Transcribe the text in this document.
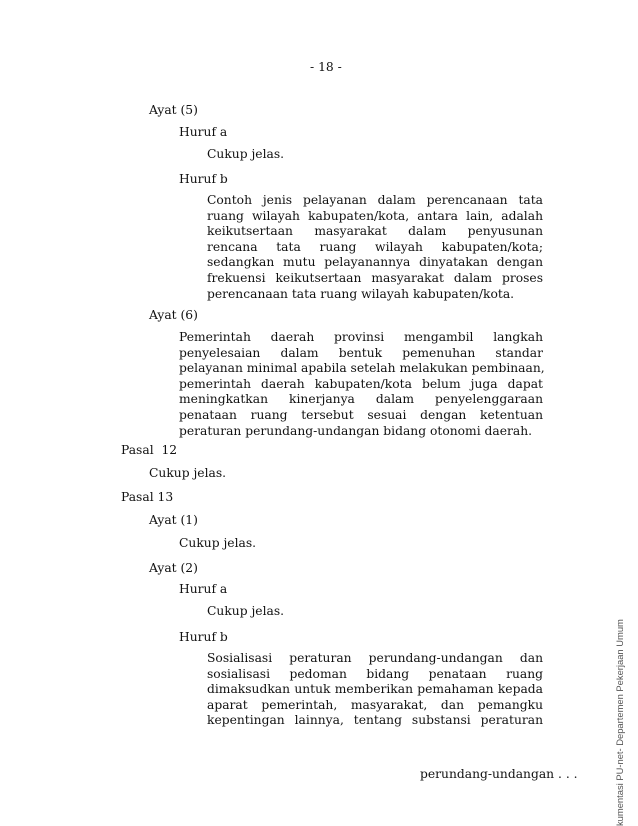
- 18 -
Ayat (5)
Huruf a
Cukup jelas.
Huruf b
Contoh jenis pelayanan dalam perencanaan tata
ruang wilayah kabupaten/kota, antara lain, adalah
keikutsertaan masyarakat dalam penyusunan
rencana tata ruang wilayah kabupaten/kota;
sedangkan mutu pelayanannya dinyatakan dengan
frekuensi keikutsertaan masyarakat dalam proses
perencanaan tata ruang wilayah kabupaten/kota.
Ayat (6)
Pemerintah daerah provinsi mengambil langkah
penyelesaian dalam bentuk pemenuhan standar
pelayanan minimal apabila setelah melakukan pembinaan,
pemerintah daerah kabupaten/kota belum juga dapat
meningkatkan kinerjanya dalam penyelenggaraan
penataan ruang tersebut sesuai dengan ketentuan
peraturan perundang-undangan bidang otonomi daerah.
Pasal  12
Cukup jelas.
Pasal 13
Ayat (1)
Cukup jelas.
Ayat (2)
Huruf a
Cukup jelas.
Huruf b
Sosialisasi peraturan perundang-undangan dan
sosialisasi pedoman bidang penataan ruang
dimaksudkan untuk memberikan pemahaman kepada
aparat pemerintah, masyarakat, dan pemangku
kepentingan lainnya, tentang substansi peraturan
perundang-undangan . . .	kumentasi PU-net- Departemen Pekerjaan Umum
